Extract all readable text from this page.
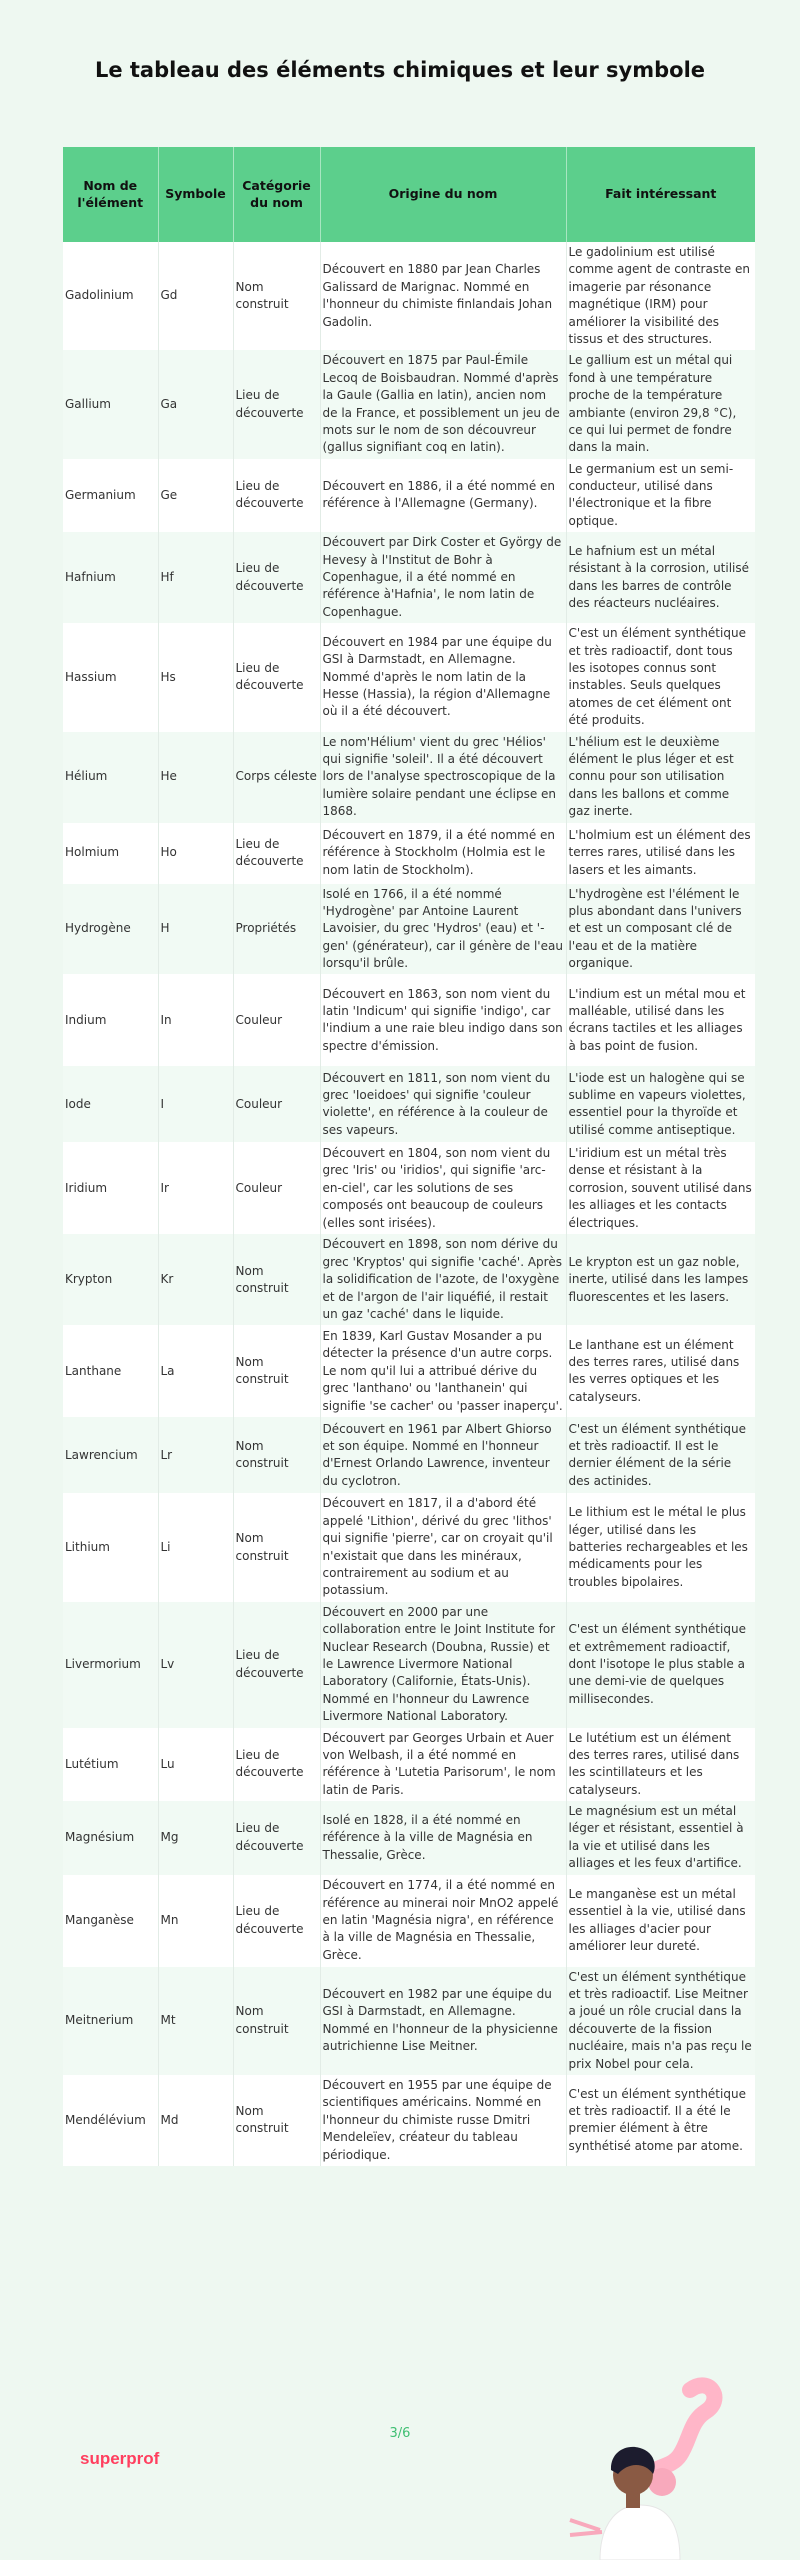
Le tableau des éléments chimiques et leur symbole
Nom de l'élément	Symbole	Catégorie du nom	Origine du nom	Fait intéressant
Gadolinium	Gd	Nom construit	Découvert en 1880 par Jean Charles Galissard de Marignac. Nommé en l'honneur du chimiste finlandais Johan Gadolin.	Le gadolinium est utilisé comme agent de contraste en imagerie par résonance magnétique (IRM) pour améliorer la visibilité des tissus et des structures.
Gallium	Ga	Lieu de découverte	Découvert en 1875 par Paul-Émile Lecoq de Boisbaudran. Nommé d'après la Gaule (Gallia en latin), ancien nom de la France, et possiblement un jeu de mots sur le nom de son découvreur (gallus signifiant coq en latin).	Le gallium est un métal qui fond à une température proche de la température ambiante (environ 29,8 °C), ce qui lui permet de fondre dans la main.
Germanium	Ge	Lieu de découverte	Découvert en 1886, il a été nommé en référence à l'Allemagne (Germany).	Le germanium est un semi-conducteur, utilisé dans l'électronique et la fibre optique.
Hafnium	Hf	Lieu de découverte	Découvert par Dirk Coster et György de Hevesy à l'Institut de Bohr à Copenhague, il a été nommé en référence à'Hafnia', le nom latin de Copenhague.	Le hafnium est un métal résistant à la corrosion, utilisé dans les barres de contrôle des réacteurs nucléaires.
Hassium	Hs	Lieu de découverte	Découvert en 1984 par une équipe du GSI à Darmstadt, en Allemagne. Nommé d'après le nom latin de la Hesse (Hassia), la région d'Allemagne où il a été découvert.	C'est un élément synthétique et très radioactif, dont tous les isotopes connus sont instables. Seuls quelques atomes de cet élément ont été produits.
Hélium	He	Corps céleste	Le nom'Hélium' vient du grec 'Hélios' qui signifie 'soleil'. Il a été découvert lors de l'analyse spectroscopique de la lumière solaire pendant une éclipse en 1868.	L'hélium est le deuxième élément le plus léger et est connu pour son utilisation dans les ballons et comme gaz inerte.
Holmium	Ho	Lieu de découverte	Découvert en 1879, il a été nommé en référence à Stockholm (Holmia est le nom latin de Stockholm).	L'holmium est un élément des terres rares, utilisé dans les lasers et les aimants.
Hydrogène	H	Propriétés	Isolé en 1766, il a été nommé 'Hydrogène' par Antoine Laurent Lavoisier, du grec 'Hydros' (eau) et '-gen' (générateur), car il génère de l'eau lorsqu'il brûle.	L'hydrogène est l'élément le plus abondant dans l'univers et est un composant clé de l'eau et de la matière organique.
Indium	In	Couleur	Découvert en 1863, son nom vient du latin 'Indicum' qui signifie 'indigo', car l'indium a une raie bleu indigo dans son spectre d'émission.	L'indium est un métal mou et malléable, utilisé dans les écrans tactiles et les alliages à bas point de fusion.
Iode	I	Couleur	Découvert en 1811, son nom vient du grec 'Ioeidoes' qui signifie 'couleur violette', en référence à la couleur de ses vapeurs.	L'iode est un halogène qui se sublime en vapeurs violettes, essentiel pour la thyroïde et utilisé comme antiseptique.
Iridium	Ir	Couleur	Découvert en 1804, son nom vient du grec 'Iris' ou 'iridios', qui signifie 'arc-en-ciel', car les solutions de ses composés ont beaucoup de couleurs (elles sont irisées).	L'iridium est un métal très dense et résistant à la corrosion, souvent utilisé dans les alliages et les contacts électriques.
Krypton	Kr	Nom construit	Découvert en 1898, son nom dérive du grec 'Kryptos' qui signifie 'caché'. Après la solidification de l'azote, de l'oxygène et de l'argon de l'air liquéfié, il restait un gaz 'caché' dans le liquide.	Le krypton est un gaz noble, inerte, utilisé dans les lampes fluorescentes et les lasers.
Lanthane	La	Nom construit	En 1839, Karl Gustav Mosander a pu détecter la présence d'un autre corps. Le nom qu'il lui a attribué dérive du grec 'lanthano' ou 'lanthanein' qui signifie 'se cacher' ou 'passer inaperçu'.	Le lanthane est un élément des terres rares, utilisé dans les verres optiques et les catalyseurs.
Lawrencium	Lr	Nom construit	Découvert en 1961 par Albert Ghiorso et son équipe. Nommé en l'honneur d'Ernest Orlando Lawrence, inventeur du cyclotron.	C'est un élément synthétique et très radioactif. Il est le dernier élément de la série des actinides.
Lithium	Li	Nom construit	Découvert en 1817, il a d'abord été appelé 'Lithion', dérivé du grec 'lithos' qui signifie 'pierre', car on croyait qu'il n'existait que dans les minéraux, contrairement au sodium et au potassium.	Le lithium est le métal le plus léger, utilisé dans les batteries rechargeables et les médicaments pour les troubles bipolaires.
Livermorium	Lv	Lieu de découverte	Découvert en 2000 par une collaboration entre le Joint Institute for Nuclear Research (Doubna, Russie) et le Lawrence Livermore National Laboratory (Californie, États-Unis). Nommé en l'honneur du Lawrence Livermore National Laboratory.	C'est un élément synthétique et extrêmement radioactif, dont l'isotope le plus stable a une demi-vie de quelques millisecondes.
Lutétium	Lu	Lieu de découverte	Découvert par Georges Urbain et Auer von Welbash, il a été nommé en référence à 'Lutetia Parisorum', le nom latin de Paris.	Le lutétium est un élément des terres rares, utilisé dans les scintillateurs et les catalyseurs.
Magnésium	Mg	Lieu de découverte	Isolé en 1828, il a été nommé en référence à la ville de Magnésia en Thessalie, Grèce.	Le magnésium est un métal léger et résistant, essentiel à la vie et utilisé dans les alliages et les feux d'artifice.
Manganèse	Mn	Lieu de découverte	Découvert en 1774, il a été nommé en référence au minerai noir MnO2 appelé en latin 'Magnésia nigra', en référence à la ville de Magnésia en Thessalie, Grèce.	Le manganèse est un métal essentiel à la vie, utilisé dans les alliages d'acier pour améliorer leur dureté.
Meitnerium	Mt	Nom construit	Découvert en 1982 par une équipe du GSI à Darmstadt, en Allemagne. Nommé en l'honneur de la physicienne autrichienne Lise Meitner.	C'est un élément synthétique et très radioactif. Lise Meitner a joué un rôle crucial dans la découverte de la fission nucléaire, mais n'a pas reçu le prix Nobel pour cela.
Mendélévium	Md	Nom construit	Découvert en 1955 par une équipe de scientifiques américains. Nommé en l'honneur du chimiste russe Dmitri Mendeleïev, créateur du tableau périodique.	C'est un élément synthétique et très radioactif. Il a été le premier élément à être synthétisé atome par atome.
3/6
superprof
